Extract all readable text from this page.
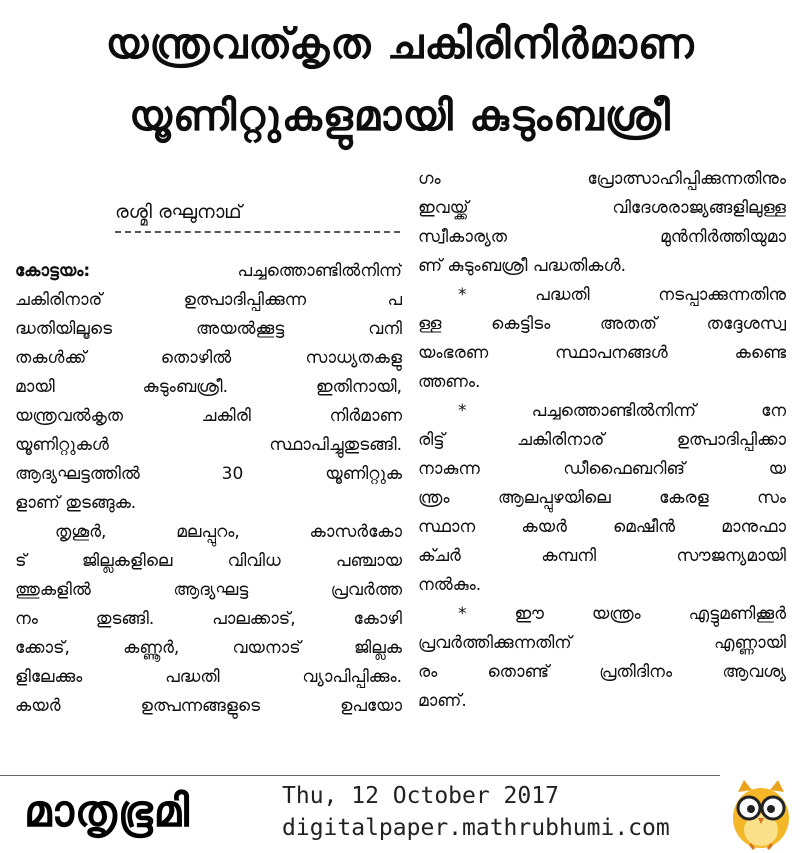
യന്ത്രവത്കൃത ചകിരിനിർമാണ
യൂണിറ്റുകളുമായി കുടുംബശ്രീ
രശ്മി രഘുനാഥ്
കോട്ടയം:	പച്ചത്തൊണ്ടിൽനിന്ന്
ചകിരിനാര് ഉത്പാദിപ്പിക്കുന്ന പ
ദ്ധതിയിലൂടെ അയൽക്കൂട്ട വനി
തകൾക്ക് തൊഴിൽ സാധ്യതകളു
മായി കുടുംബശ്രീ. ഇതിനായി,
യന്ത്രവൽകൃത ചകിരി നിർമാണ
യൂണിറ്റുകൾ സ്ഥാപിച്ചുതുടങ്ങി.
ആദ്യഘട്ടത്തിൽ 30 യൂണിറ്റുക
ളാണ് തുടങ്ങുക.
തൃശൂർ, മലപ്പുറം, കാസർകോ
ട് ജില്ലകളിലെ വിവിധ പഞ്ചായ
ത്തുകളിൽ ആദ്യഘട്ട പ്രവർത്ത
നം തുടങ്ങി. പാലക്കാട്, കോഴി
ക്കോട്, കണ്ണൂർ, വയനാട് ജില്ലക
ളിലേക്കും പദ്ധതി വ്യാപിപ്പിക്കും.
കയർ ഉത്പന്നങ്ങളുടെ ഉപയോ
ഗം പ്രോത്സാഹിപ്പിക്കുന്നതിനും
ഇവയ്ക്ക് വിദേശരാജ്യങ്ങളിലുള്ള
സ്വീകാര്യത മുൻനിർത്തിയുമാ
ണ് കുടുംബശ്രീ പദ്ധതികൾ.
* പദ്ധതി നടപ്പാക്കുന്നതിനു
ള്ള കെട്ടിടം അതത് തദ്ദേശസ്വ
യംഭരണ സ്ഥാപനങ്ങൾ കണ്ടെ
ത്തണം.
* പച്ചത്തൊണ്ടിൽനിന്ന് നേ
രിട്ട് ചകിരിനാര് ഉത്പാദിപ്പിക്കാ
നാകുന്ന ഡീഫൈബറിങ് യ
ന്ത്രം ആലപ്പുഴയിലെ കേരള സം
സ്ഥാന കയർ മെഷീൻ മാനുഫാ
ക്ചർ കമ്പനി സൗജന്യമായി
നൽകും.
* ഈ യന്ത്രം എട്ടുമണിക്കൂർ
പ്രവർത്തിക്കുന്നതിന് എണ്ണായി
രം തൊണ്ട് പ്രതിദിനം ആവശ്യ
മാണ്.
മാതൃഭൂമി	Thu, 12 October 2017
digitalpaper.mathrubhumi.com
